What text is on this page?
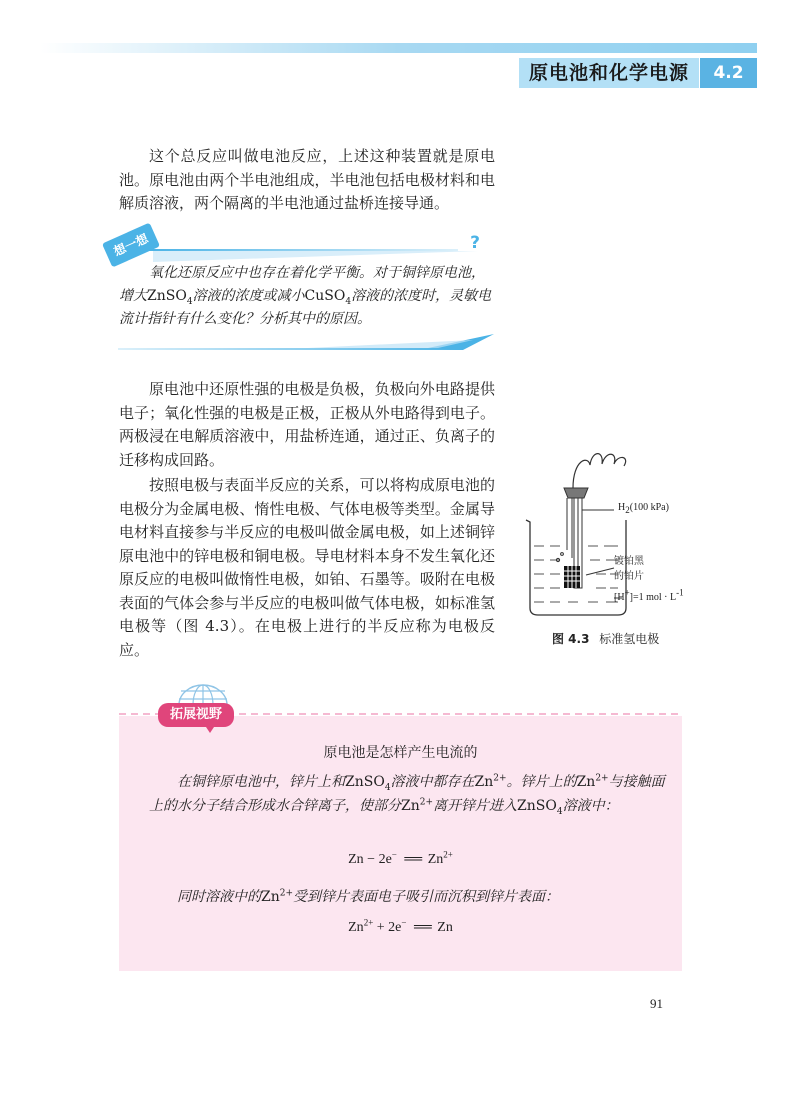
原电池和化学电源	4.2

这个总反应叫做电池反应，上述这种装置就是原电池。原电池由两个半电池组成，半电池包括电极材料和电解质溶液，两个隔离的半电池通过盐桥连接导通。

想一想	?
氧化还原反应中也存在着化学平衡。对于铜锌原电池，增大ZnSO$_4$溶液的浓度或减小CuSO$_4$溶液的浓度时，灵敏电流计指针有什么变化？分析其中的原因。

原电池中还原性强的电极是负极，负极向外电路提供电子；氧化性强的电极是正极，正极从外电路得到电子。两极浸在电解质溶液中，用盐桥连通，通过正、负离子的迁移构成回路。

按照电极与表面半反应的关系，可以将构成原电池的电极分为金属电极、惰性电极、气体电极等类型。金属导电材料直接参与半反应的电极叫做金属电极，如上述铜锌原电池中的锌电极和铜电极。导电材料本身不发生氧化还原反应的电极叫做惰性电极，如铂、石墨等。吸附在电极表面的气体会参与半反应的电极叫做气体电极，如标准氢电极等（图 4.3）。在电极上进行的半反应称为电极反应。

$H_2(100$ kPa)
镀铂黑
的铂片
[H+]=1 mol · $L^{-1}$
图 4.3 标准氢电极
拓展视野
原电池是怎样产生电流的
在铜锌原电池中，锌片上和ZnSO$_4$溶液中都存在$Zn^{2+}$。锌片上的$Zn^{2+}$与接触面上的水分子结合形成水合锌离子，使部分$Zn^{2+}$离开锌片进入ZnSO$_4$溶液中：
Zn − 2e− ══ $Zn^{2+}$
同时溶液中的$Zn^{2+}$受到锌片表面电子吸引而沉积到锌片表面：
$Zn^{2+} + 2e^-$ ══ Zn
91
